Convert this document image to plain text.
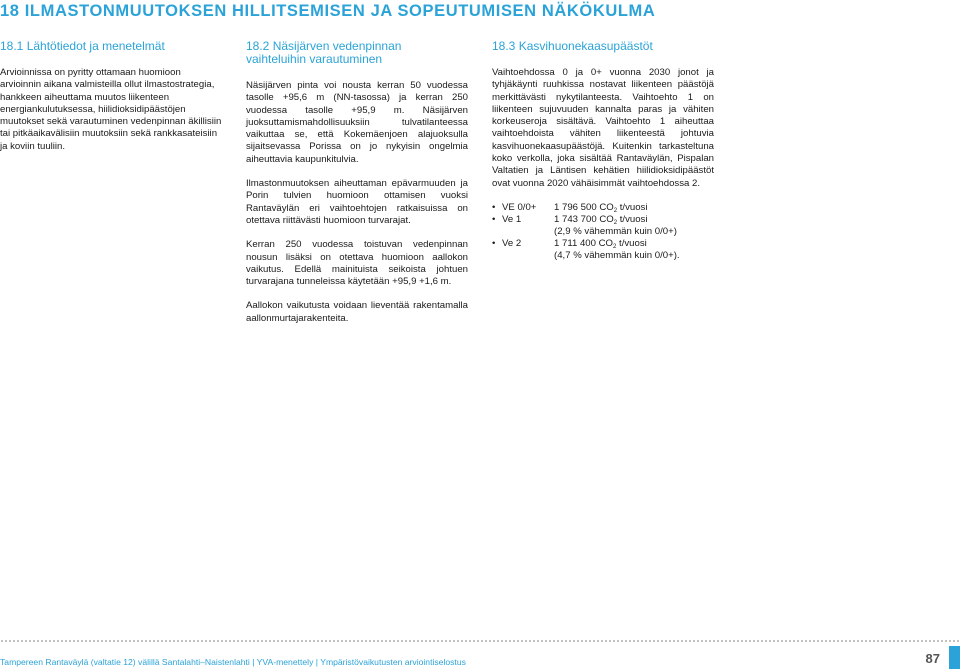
18 ILMASTONMUUTOKSEN HILLITSEMISEN JA SOPEUTUMISEN NÄKÖKULMA
18.1 Lähtötiedot ja menetelmät

Arvioinnissa on pyritty ottamaan huomioon arvioinnin aikana valmisteilla ollut ilmastostrategia, hankkeen aiheuttama muutos liikenteen energiankulutuksessa, hiilidioksidipäästöjen muutokset sekä varautuminen vedenpinnan äkillisiin tai pitkäaikavälisiin muutoksiin sekä rankkasateisiin ja koviin tuuliin.

18.2 Näsijärven vedenpinnan
vaihteluihin varautuminen

Näsijärven pinta voi nousta kerran 50 vuodessa tasolle +95,6 m (NN-tasossa) ja kerran 250 vuodessa tasolle +95,9 m. Näsijärven juoksuttamismahdollisuuksiin tulvatilanteessa vaikuttaa se, että Kokemäenjoen alajuoksulla sijaitsevassa Porissa on jo nykyisin ongelmia aiheuttavia kaupunkitulvia.

Ilmastonmuutoksen aiheuttaman epävarmuuden ja Porin tulvien huomioon ottamisen vuoksi Rantaväylän eri vaihtoehtojen ratkaisuissa on otettava riittävästi huomioon turvarajat.

Kerran 250 vuodessa toistuvan vedenpinnan nousun lisäksi on otettava huomioon aallokon vaikutus. Edellä mainituista seikoista johtuen turvarajana tunneleissa käytetään +95,9 +1,6 m.

Aallokon vaikutusta voidaan lieventää rakentamalla aallonmurtajarakenteita.

18.3 Kasvihuonekaasupäästöt

Vaihtoehdossa 0 ja 0+ vuonna 2030 jonot ja tyhjäkäynti ruuhkissa nostavat liikenteen päästöjä merkittävästi nykytilanteesta. Vaihtoehto 1 on liikenteen sujuvuuden kannalta paras ja vähiten korkeuseroja sisältävä. Vaihtoehto 1 aiheuttaa vaihtoehdoista vähiten liikenteestä johtuvia kasvihuonekaasupäästöjä. Kuitenkin tarkasteltuna koko verkolla, joka sisältää Rantaväylän, Pispalan Valtatien ja Läntisen kehätien hiilidioksidipäästöt ovat vuonna 2020 vähäisimmät vaihtoehdossa 2.

• VE 0/0+	1 796 500 $CO_2$ t/vuosi
• Ve 1	1 743 700 $CO_2$ t/vuosi
(2,9 % vähemmän kuin 0/0+)
• Ve 2	1 711 400 $CO_2$ t/vuosi
(4,7 % vähemmän kuin 0/0+).
Tampereen Rantaväylä (valtatie 12) välillä Santalahti–Naistenlahti | YVA-menettely | Ympäristövaikutusten arviointiselostus	87
